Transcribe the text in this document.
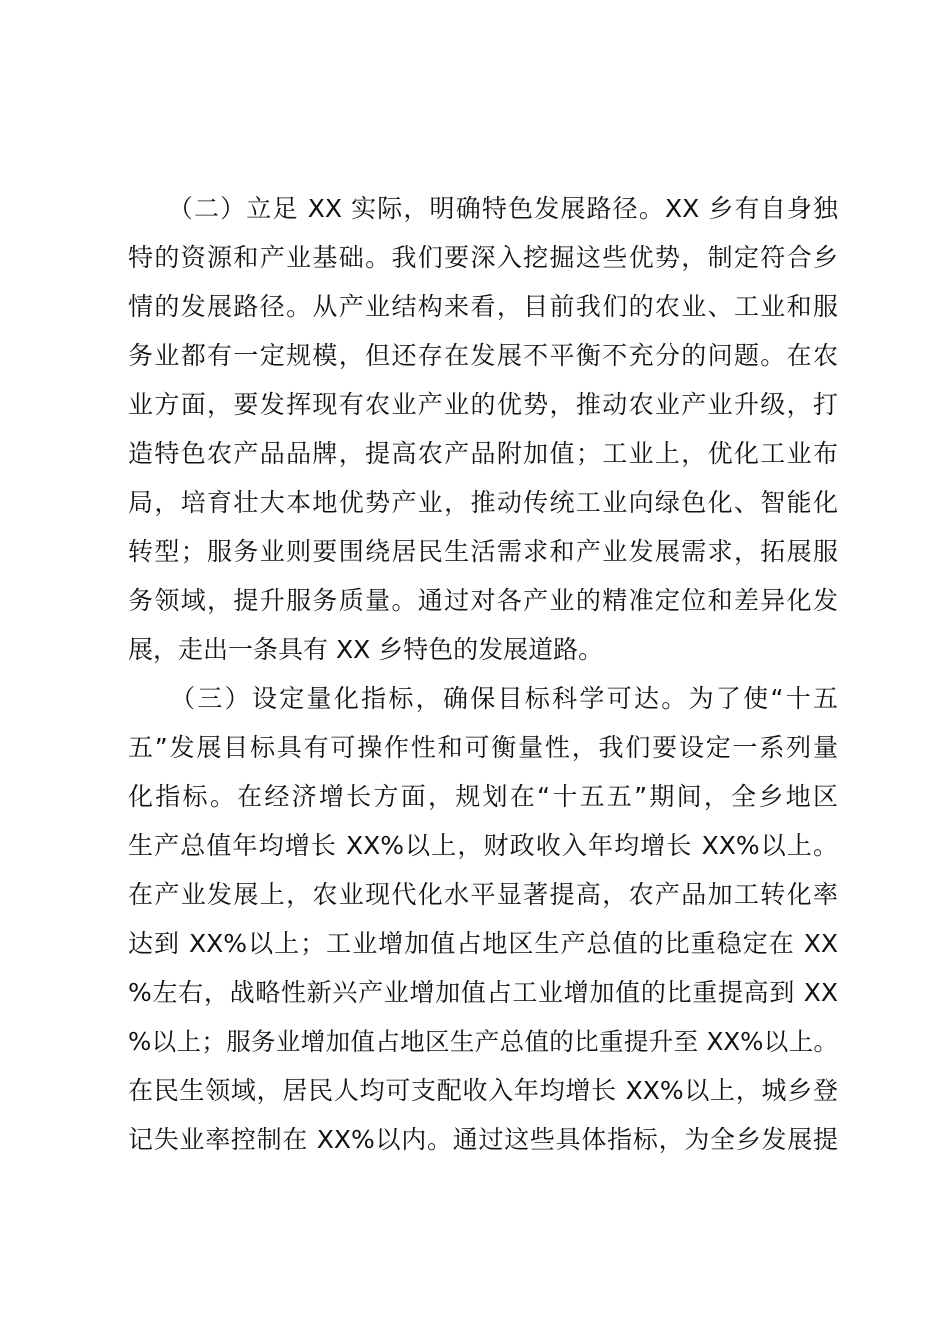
　　（二）立足 XX 实际，明确特色发展路径。XX 乡有自身独
特的资源和产业基础。我们要深入挖掘这些优势，制定符合乡
情的发展路径。从产业结构来看，目前我们的农业、工业和服
务业都有一定规模，但还存在发展不平衡不充分的问题。在农
业方面，要发挥现有农业产业的优势，推动农业产业升级，打
造特色农产品品牌，提高农产品附加值；工业上，优化工业布
局，培育壮大本地优势产业，推动传统工业向绿色化、智能化
转型；服务业则要围绕居民生活需求和产业发展需求，拓展服
务领域，提升服务质量。通过对各产业的精准定位和差异化发
展，走出一条具有 XX 乡特色的发展道路。
　　（三）设定量化指标，确保目标科学可达。为了使“十五
五”发展目标具有可操作性和可衡量性，我们要设定一系列量
化指标。在经济增长方面，规划在“十五五”期间，全乡地区
生产总值年均增长 XX%以上，财政收入年均增长 XX%以上。
在产业发展上，农业现代化水平显著提高，农产品加工转化率
达到 XX%以上；工业增加值占地区生产总值的比重稳定在 XX
%左右，战略性新兴产业增加值占工业增加值的比重提高到 XX
%以上；服务业增加值占地区生产总值的比重提升至 XX%以上。
在民生领域，居民人均可支配收入年均增长 XX%以上，城乡登
记失业率控制在 XX%以内。通过这些具体指标，为全乡发展提
